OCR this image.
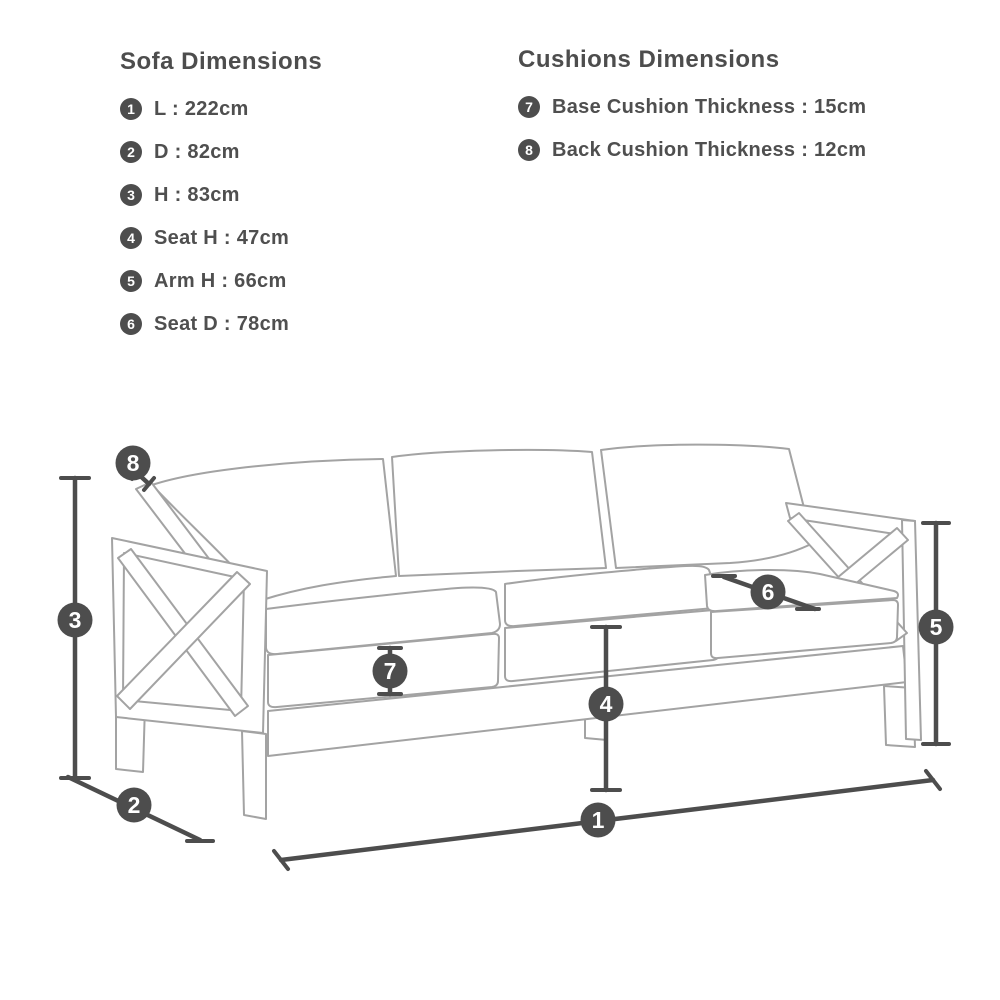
Sofa Dimensions
1 L : 222cm
2 D : 82cm
3 H : 83cm
4 Seat H : 47cm
5 Arm H : 66cm
6 Seat D : 78cm
Cushions Dimensions
7 Base Cushion Thickness : 15cm
8 Back Cushion Thickness : 12cm
1
2
3
4
5
6
7
8
